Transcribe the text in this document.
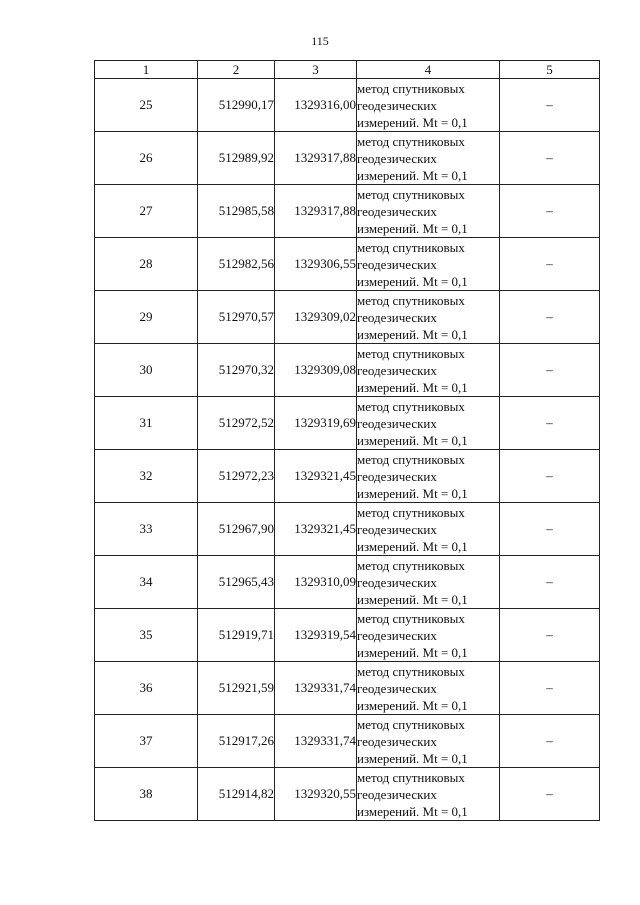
115
1	2	3	4	5
25	512990,17	1329316,00	метод спутниковых
геодезических
измерений. Mt = 0,1	–
26	512989,92	1329317,88	метод спутниковых
геодезических
измерений. Mt = 0,1	–
27	512985,58	1329317,88	метод спутниковых
геодезических
измерений. Mt = 0,1	–
28	512982,56	1329306,55	метод спутниковых
геодезических
измерений. Mt = 0,1	–
29	512970,57	1329309,02	метод спутниковых
геодезических
измерений. Mt = 0,1	–
30	512970,32	1329309,08	метод спутниковых
геодезических
измерений. Mt = 0,1	–
31	512972,52	1329319,69	метод спутниковых
геодезических
измерений. Mt = 0,1	–
32	512972,23	1329321,45	метод спутниковых
геодезических
измерений. Mt = 0,1	–
33	512967,90	1329321,45	метод спутниковых
геодезических
измерений. Mt = 0,1	–
34	512965,43	1329310,09	метод спутниковых
геодезических
измерений. Mt = 0,1	–
35	512919,71	1329319,54	метод спутниковых
геодезических
измерений. Mt = 0,1	–
36	512921,59	1329331,74	метод спутниковых
геодезических
измерений. Mt = 0,1	–
37	512917,26	1329331,74	метод спутниковых
геодезических
измерений. Mt = 0,1	–
38	512914,82	1329320,55	метод спутниковых
геодезических
измерений. Mt = 0,1	–
